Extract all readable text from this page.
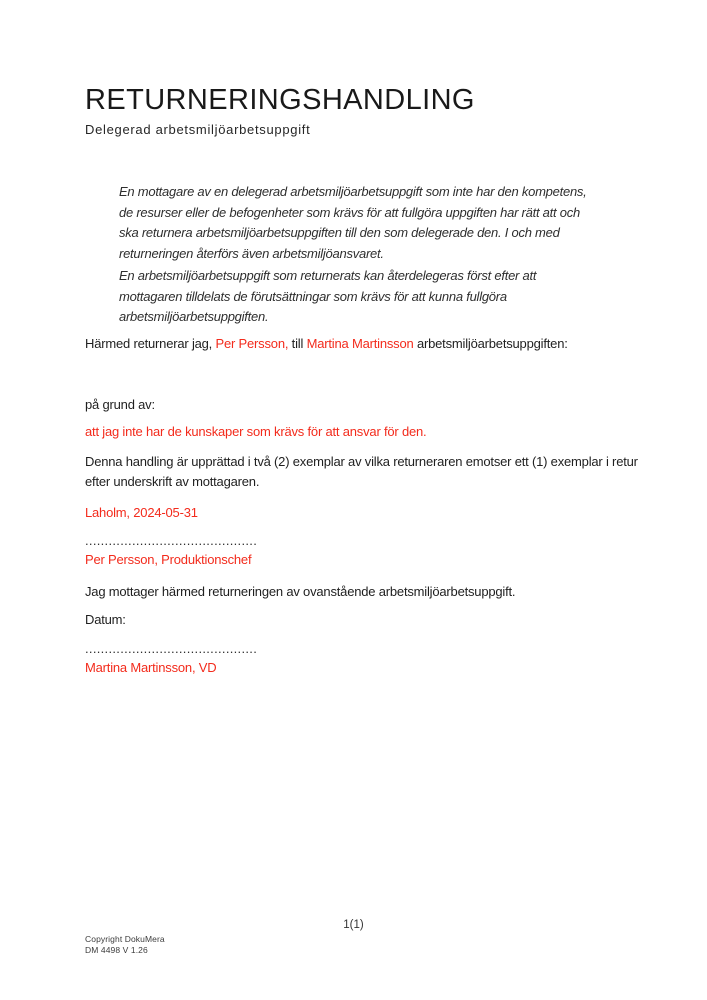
RETURNERINGSHANDLING
Delegerad arbetsmiljöarbetsuppgift

En mottagare av en delegerad arbetsmiljöarbetsuppgift som inte har den kompetens, de resurser eller de befogenheter som krävs för att fullgöra uppgiften har rätt att och ska returnera arbetsmiljöarbetsuppgiften till den som delegerade den. I och med returneringen återförs även arbetsmiljöansvaret.

En arbetsmiljöarbetsuppgift som returnerats kan återdelegeras först efter att mottagaren tilldelats de förutsättningar som krävs för att kunna fullgöra arbetsmiljöarbetsuppgiften.

Härmed returnerar jag, Per Persson, till Martina Martinsson arbetsmiljöarbetsuppgiften:

på grund av:

att jag inte har de kunskaper som krävs för att ansvar för den.

Denna handling är upprättad i två (2) exemplar av vilka returneraren emotser ett (1) exemplar i retur efter underskrift av mottagaren.

Laholm, 2024-05-31

............................................

Per Persson, Produktionschef

Jag mottager härmed returneringen av ovanstående arbetsmiljöarbetsuppgift.

Datum:

............................................

Martina Martinsson, VD

1(1)
Copyright DokuMera
DM 4498 V 1.26
